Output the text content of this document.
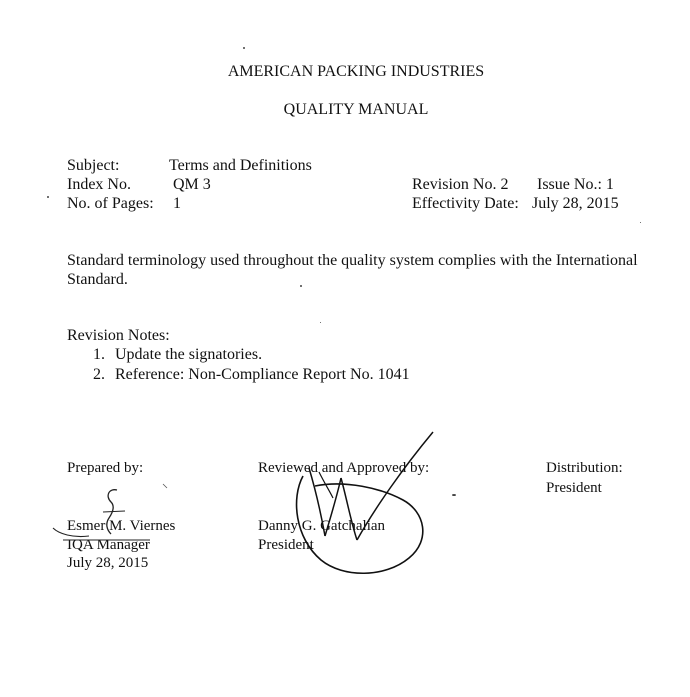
AMERICAN PACKING INDUSTRIES
QUALITY MANUAL
Subject:	Terms and Definitions
Index No.	QM 3
No. of Pages: 1
Revision No. 2 Issue No.: 1
Effectivity Date: July 28, 2015
Standard terminology used throughout the quality system complies with the International Standard.
Revision Notes:
1. Update the signatories.
2. Reference: Non-Compliance Report No. 1041
Prepared by:
Esmer M. Viernes
IQA Manager
July 28, 2015
Reviewed and Approved by:
Danny G. Gatchalian
President
Distribution:
President
